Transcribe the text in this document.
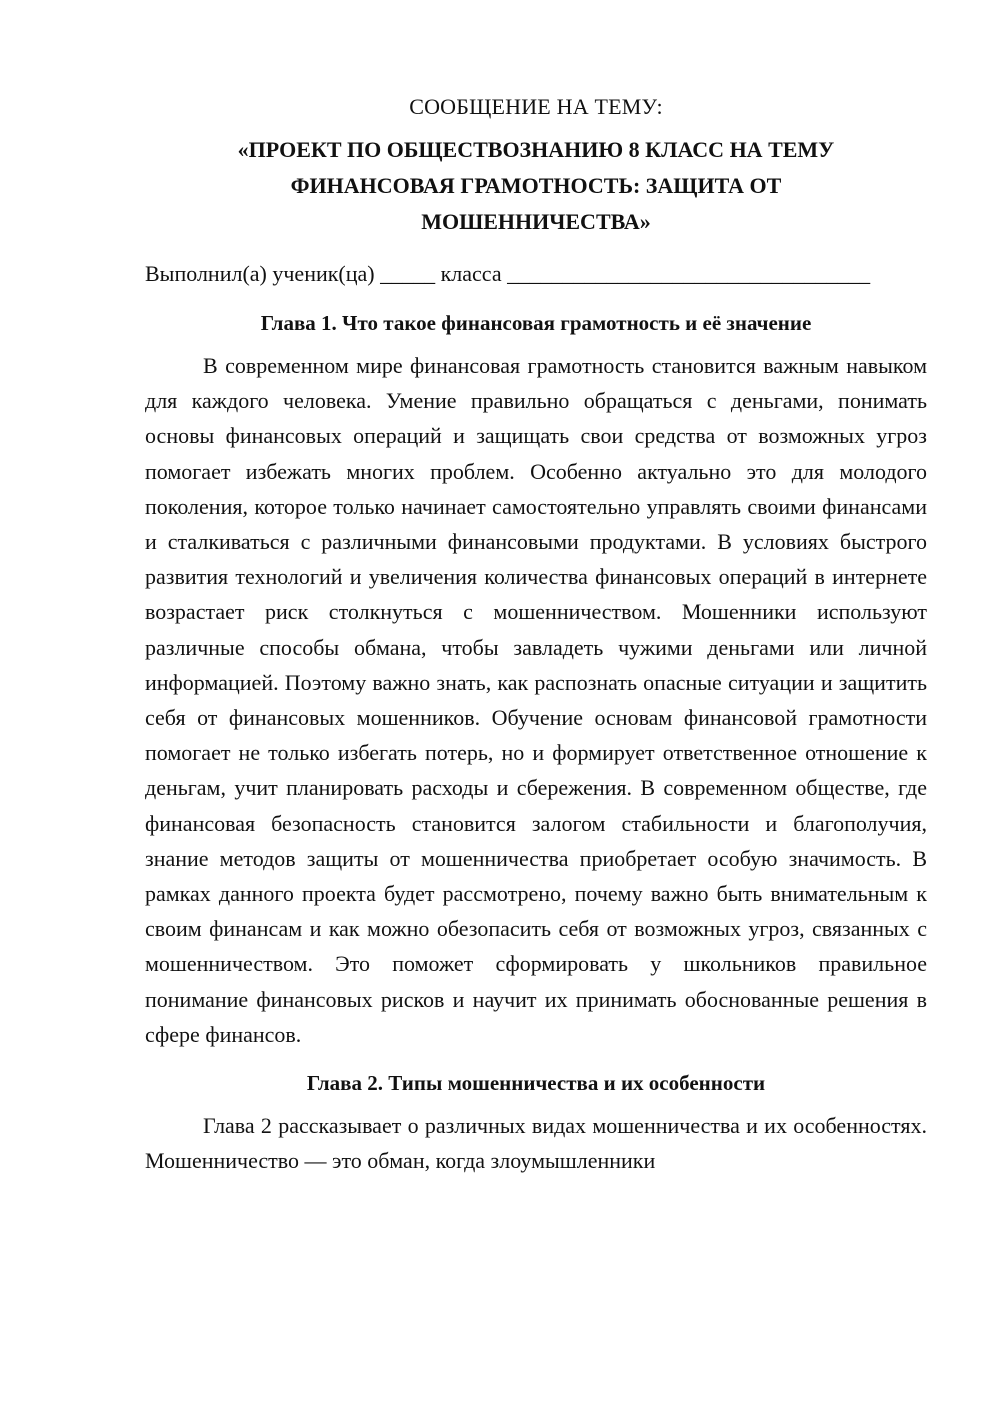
СООБЩЕНИЕ НА ТЕМУ:
«ПРОЕКТ ПО ОБЩЕСТВОЗНАНИЮ 8 КЛАСС НА ТЕМУ ФИНАНСОВАЯ ГРАМОТНОСТЬ: ЗАЩИТА ОТ МОШЕННИЧЕСТВА»
Выполнил(а) ученик(ца) _____ класса _________________________________
Глава 1. Что такое финансовая грамотность и её значение
В современном мире финансовая грамотность становится важным навыком для каждого человека. Умение правильно обращаться с деньгами, понимать основы финансовых операций и защищать свои средства от возможных угроз помогает избежать многих проблем. Особенно актуально это для молодого поколения, которое только начинает самостоятельно управлять своими финансами и сталкиваться с различными финансовыми продуктами. В условиях быстрого развития технологий и увеличения количества финансовых операций в интернете возрастает риск столкнуться с мошенничеством. Мошенники используют различные способы обмана, чтобы завладеть чужими деньгами или личной информацией. Поэтому важно знать, как распознать опасные ситуации и защитить себя от финансовых мошенников. Обучение основам финансовой грамотности помогает не только избегать потерь, но и формирует ответственное отношение к деньгам, учит планировать расходы и сбережения. В современном обществе, где финансовая безопасность становится залогом стабильности и благополучия, знание методов защиты от мошенничества приобретает особую значимость. В рамках данного проекта будет рассмотрено, почему важно быть внимательным к своим финансам и как можно обезопасить себя от возможных угроз, связанных с мошенничеством. Это поможет сформировать у школьников правильное понимание финансовых рисков и научит их принимать обоснованные решения в сфере финансов.
Глава 2. Типы мошенничества и их особенности
Глава 2 рассказывает о различных видах мошенничества и их особенностях. Мошенничество — это обман, когда злоумышленники
